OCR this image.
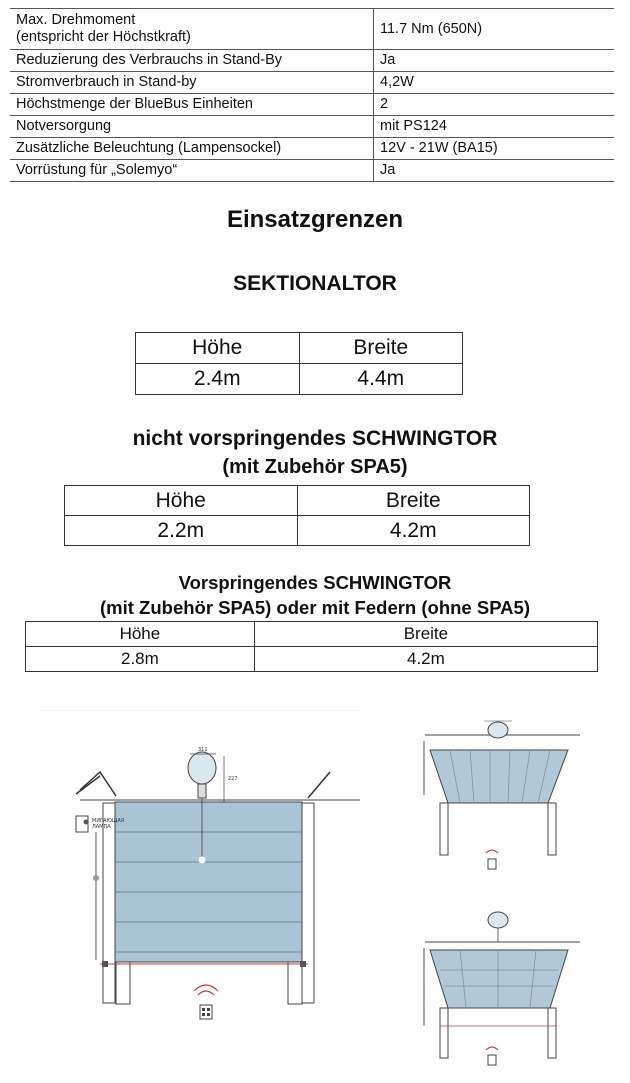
Max. Drehmoment
(entspricht der Höchstkraft)	11.7 Nm (650N)
Reduzierung des Verbrauchs in Stand-By	Ja
Stromverbrauch in Stand-by	4,2W
Höchstmenge der BlueBus Einheiten	2
Notversorgung	mit PS124
Zusätzliche Beleuchtung (Lampensockel)	12V - 21W (BA15)
Vorrüstung für „Solemyo“	Ja
Einsatzgrenzen
SEKTIONALTOR
Höhe	Breite
2.4m	4.4m
nicht vorspringendes SCHWINGTOR
(mit Zubehör SPA5)
Höhe	Breite
2.2m	4.2m
Vorspringendes SCHWINGTOR
(mit Zubehör SPA5) oder mit Federn (ohne SPA5)
Höhe	Breite
2.8m	4.2m
311
227
МИГАЮЩАЯ
ЛАМПА
